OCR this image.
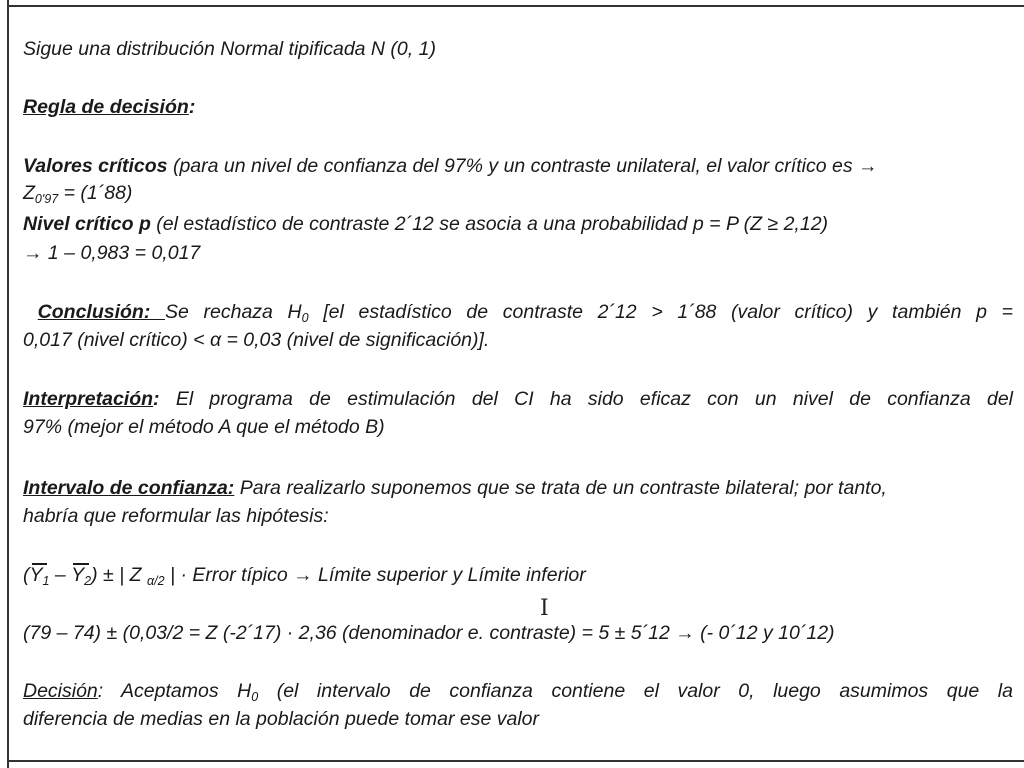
Sigue una distribución Normal tipificada N (0, 1)
Regla de decisión:
Valores críticos (para un nivel de confianza del 97% y un contraste unilateral, el valor crítico es →
$Z_{0'97}$ = (1´88)
Nivel crítico p (el estadístico de contraste 2´12 se asocia a una probabilidad p = P (Z ≥ 2,12)
→ 1 – 0,983 = 0,017
Conclusión: Se rechaza $H_0$ [el estadístico de contraste 2´12 > 1´88 (valor crítico) y también p =
0,017 (nivel crítico) < α = 0,03 (nivel de significación)].
Interpretación: El programa de estimulación del CI ha sido eficaz con un nivel de confianza del
97% (mejor el método A que el método B)
Intervalo de confianza: Para realizarlo suponemos que se trata de un contraste bilateral; por tanto,
habría que reformular las hipótesis:
$(Y_1 - Y_2)$ ± | Z $_{\alpha/2}$ | · Error típico → Límite superior y Límite inferior
(79 – 74) ± (0,03/2 = Z (-2´17) · 2,36 (denominador e. contraste) = 5 ± 5´12 → (- 0´12 y 10´12)
Decisión: Aceptamos $H_0$ (el intervalo de confianza contiene el valor 0, luego asumimos que la
diferencia de medias en la población puede tomar ese valor
I
